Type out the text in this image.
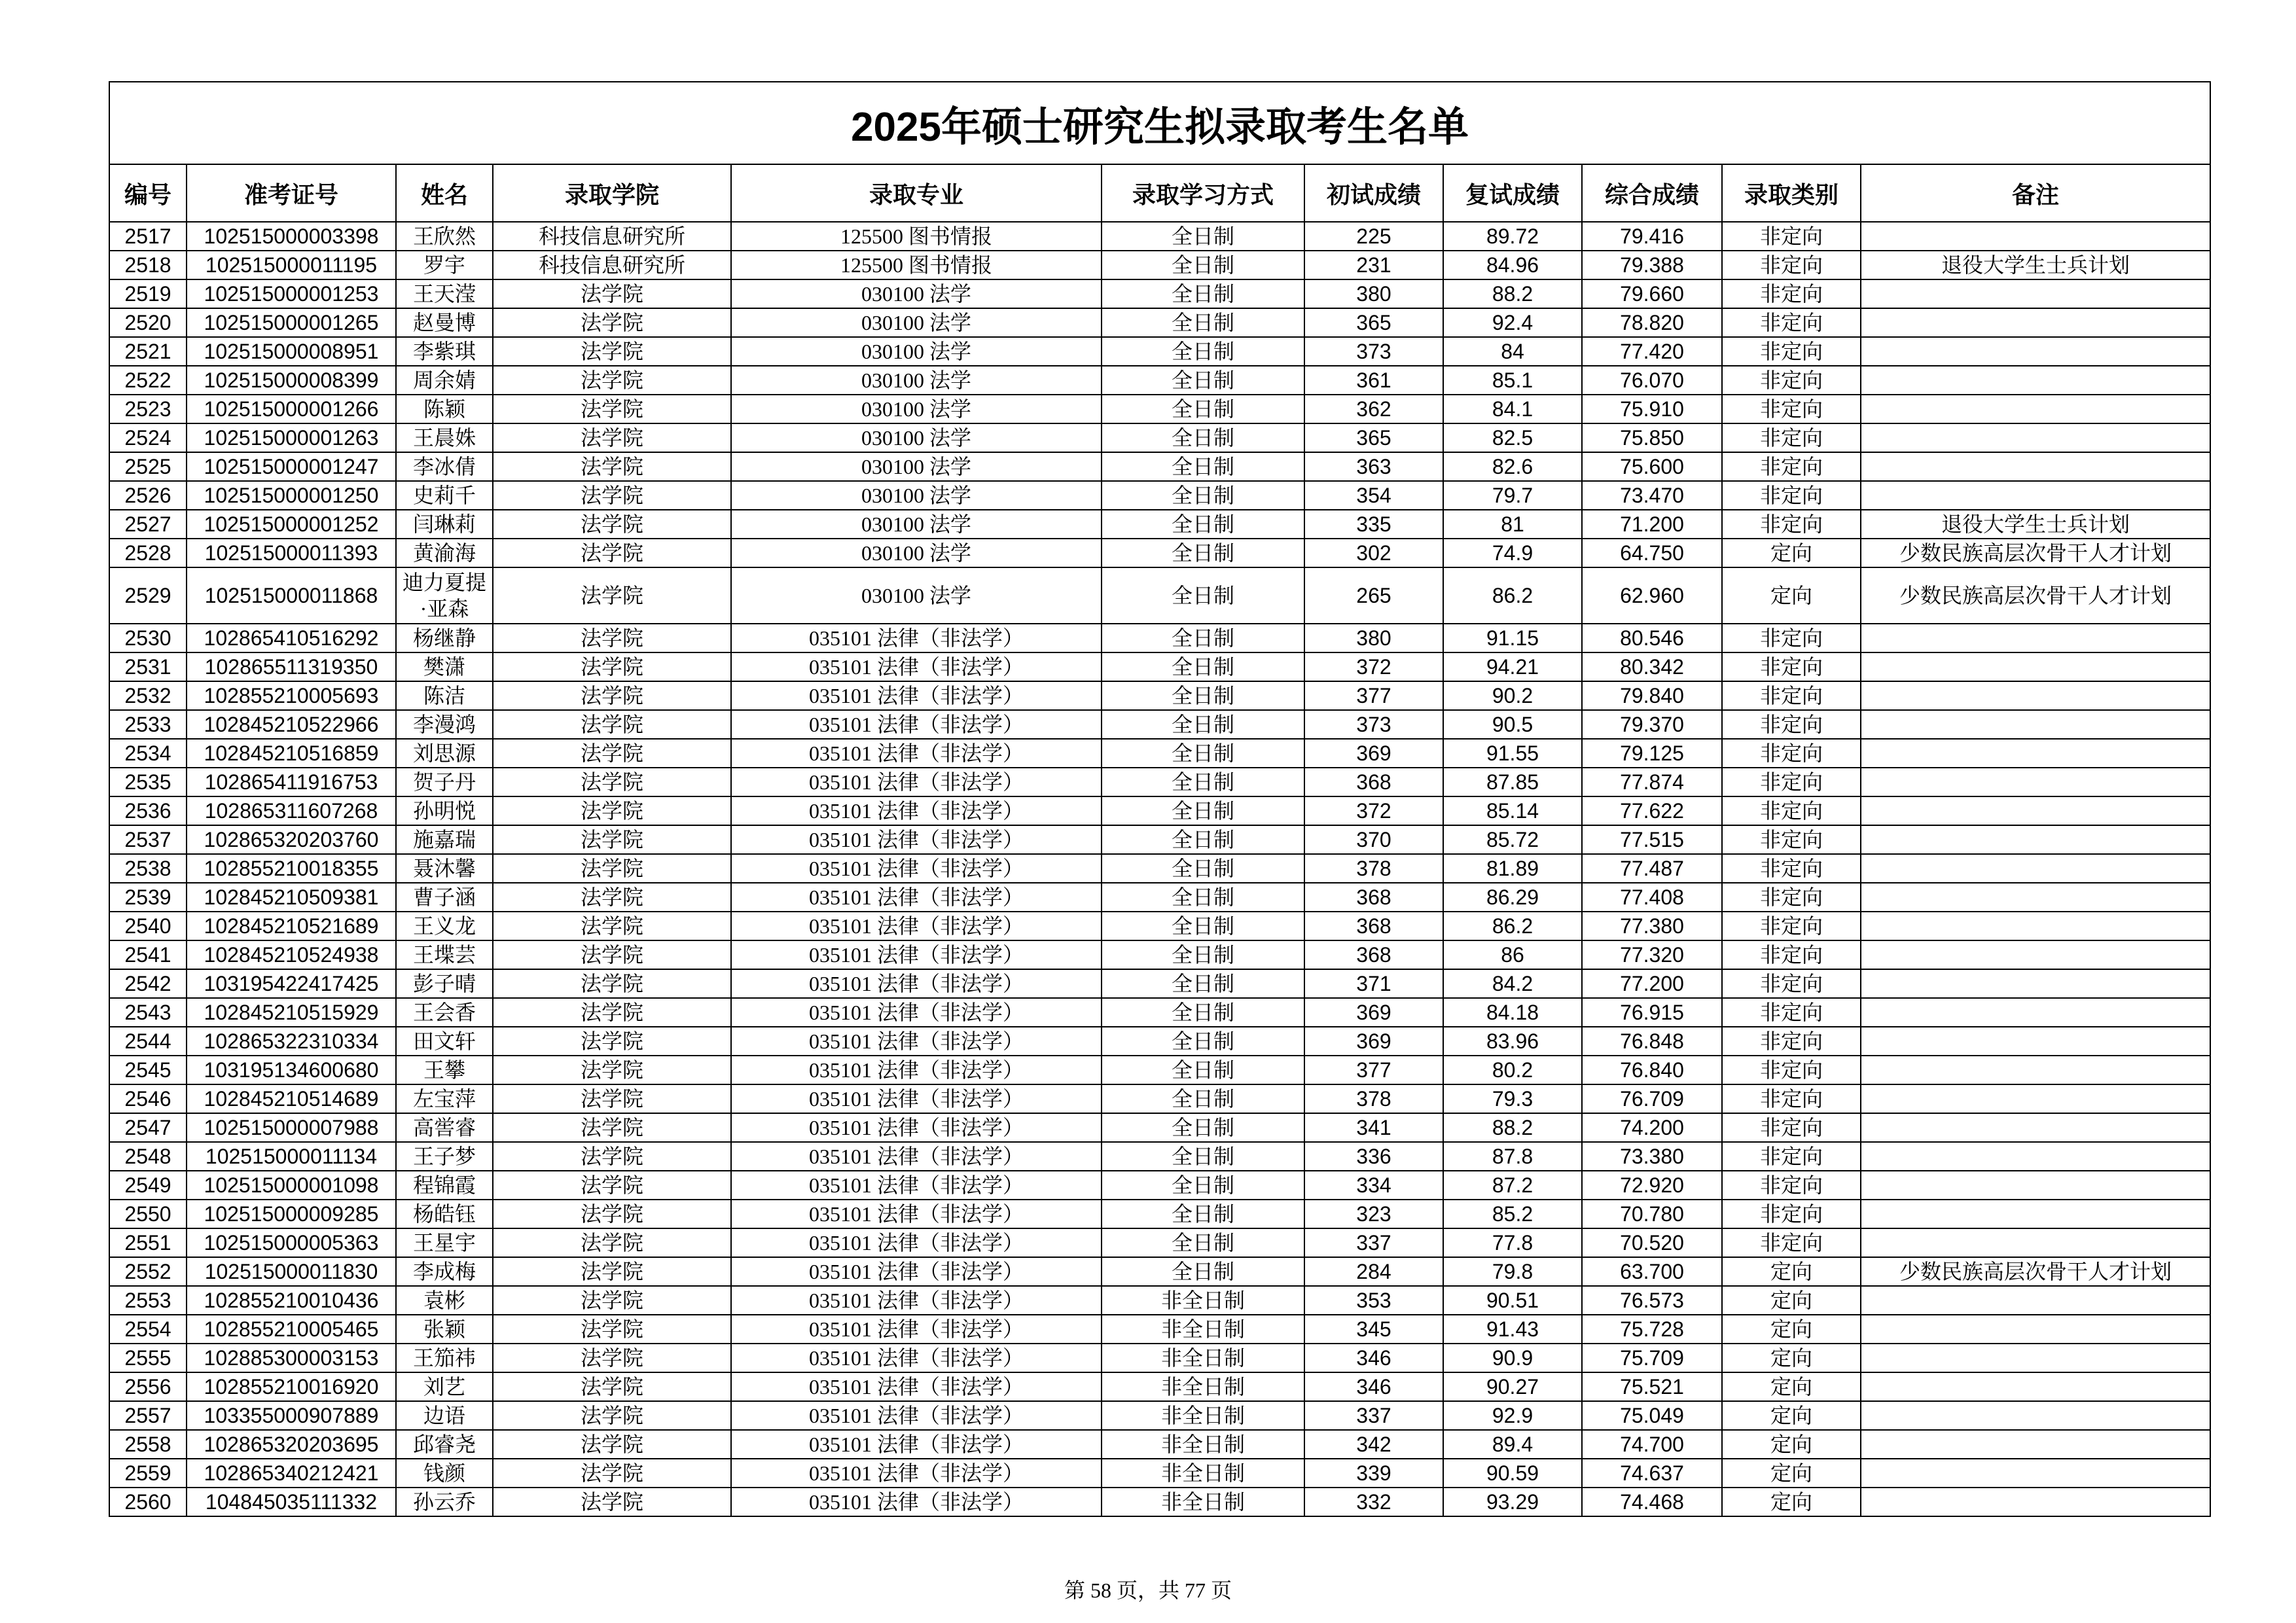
2025年硕士研究生拟录取考生名单										
编号	准考证号	姓名	录取学院	录取专业	录取学习方式	初试成绩	复试成绩	综合成绩	录取类别	备注
2517	102515000003398	王欣然	科技信息研究所	125500 图书情报	全日制	225	89.72	79.416	非定向	
2518	102515000011195	罗宇	科技信息研究所	125500 图书情报	全日制	231	84.96	79.388	非定向	退役大学生士兵计划
2519	102515000001253	王天滢	法学院	030100 法学	全日制	380	88.2	79.660	非定向	
2520	102515000001265	赵曼博	法学院	030100 法学	全日制	365	92.4	78.820	非定向	
2521	102515000008951	李紫琪	法学院	030100 法学	全日制	373	84	77.420	非定向	
2522	102515000008399	周余婧	法学院	030100 法学	全日制	361	85.1	76.070	非定向	
2523	102515000001266	陈颖	法学院	030100 法学	全日制	362	84.1	75.910	非定向	
2524	102515000001263	王晨姝	法学院	030100 法学	全日制	365	82.5	75.850	非定向	
2525	102515000001247	李冰倩	法学院	030100 法学	全日制	363	82.6	75.600	非定向	
2526	102515000001250	史莉千	法学院	030100 法学	全日制	354	79.7	73.470	非定向	
2527	102515000001252	闫琳莉	法学院	030100 法学	全日制	335	81	71.200	非定向	退役大学生士兵计划
2528	102515000011393	黄渝海	法学院	030100 法学	全日制	302	74.9	64.750	定向	少数民族高层次骨干人才计划
2529	102515000011868	迪力夏提·亚森	法学院	030100 法学	全日制	265	86.2	62.960	定向	少数民族高层次骨干人才计划
2530	102865410516292	杨继静	法学院	035101 法律（非法学）	全日制	380	91.15	80.546	非定向	
2531	102865511319350	樊潇	法学院	035101 法律（非法学）	全日制	372	94.21	80.342	非定向	
2532	102855210005693	陈洁	法学院	035101 法律（非法学）	全日制	377	90.2	79.840	非定向	
2533	102845210522966	李漫鸿	法学院	035101 法律（非法学）	全日制	373	90.5	79.370	非定向	
2534	102845210516859	刘思源	法学院	035101 法律（非法学）	全日制	369	91.55	79.125	非定向	
2535	102865411916753	贺子丹	法学院	035101 法律（非法学）	全日制	368	87.85	77.874	非定向	
2536	102865311607268	孙明悦	法学院	035101 法律（非法学）	全日制	372	85.14	77.622	非定向	
2537	102865320203760	施嘉瑞	法学院	035101 法律（非法学）	全日制	370	85.72	77.515	非定向	
2538	102855210018355	聂沐馨	法学院	035101 法律（非法学）	全日制	378	81.89	77.487	非定向	
2539	102845210509381	曹子涵	法学院	035101 法律（非法学）	全日制	368	86.29	77.408	非定向	
2540	102845210521689	王义龙	法学院	035101 法律（非法学）	全日制	368	86.2	77.380	非定向	
2541	102845210524938	王堞芸	法学院	035101 法律（非法学）	全日制	368	86	77.320	非定向	
2542	103195422417425	彭子晴	法学院	035101 法律（非法学）	全日制	371	84.2	77.200	非定向	
2543	102845210515929	王会香	法学院	035101 法律（非法学）	全日制	369	84.18	76.915	非定向	
2544	102865322310334	田文轩	法学院	035101 法律（非法学）	全日制	369	83.96	76.848	非定向	
2545	103195134600680	王攀	法学院	035101 法律（非法学）	全日制	377	80.2	76.840	非定向	
2546	102845210514689	左宝萍	法学院	035101 法律（非法学）	全日制	378	79.3	76.709	非定向	
2547	102515000007988	高喾睿	法学院	035101 法律（非法学）	全日制	341	88.2	74.200	非定向	
2548	102515000011134	王子梦	法学院	035101 法律（非法学）	全日制	336	87.8	73.380	非定向	
2549	102515000001098	程锦霞	法学院	035101 法律（非法学）	全日制	334	87.2	72.920	非定向	
2550	102515000009285	杨皓钰	法学院	035101 法律（非法学）	全日制	323	85.2	70.780	非定向	
2551	102515000005363	王星宇	法学院	035101 法律（非法学）	全日制	337	77.8	70.520	非定向	
2552	102515000011830	李成梅	法学院	035101 法律（非法学）	全日制	284	79.8	63.700	定向	少数民族高层次骨干人才计划
2553	102855210010436	袁彬	法学院	035101 法律（非法学）	非全日制	353	90.51	76.573	定向	
2554	102855210005465	张颖	法学院	035101 法律（非法学）	非全日制	345	91.43	75.728	定向	
2555	102885300003153	王笳祎	法学院	035101 法律（非法学）	非全日制	346	90.9	75.709	定向	
2556	102855210016920	刘艺	法学院	035101 法律（非法学）	非全日制	346	90.27	75.521	定向	
2557	103355000907889	边语	法学院	035101 法律（非法学）	非全日制	337	92.9	75.049	定向	
2558	102865320203695	邱睿尧	法学院	035101 法律（非法学）	非全日制	342	89.4	74.700	定向	
2559	102865340212421	钱颜	法学院	035101 法律（非法学）	非全日制	339	90.59	74.637	定向	
2560	104845035111332	孙云乔	法学院	035101 法律（非法学）	非全日制	332	93.29	74.468	定向	
第 58 页，共 77 页
